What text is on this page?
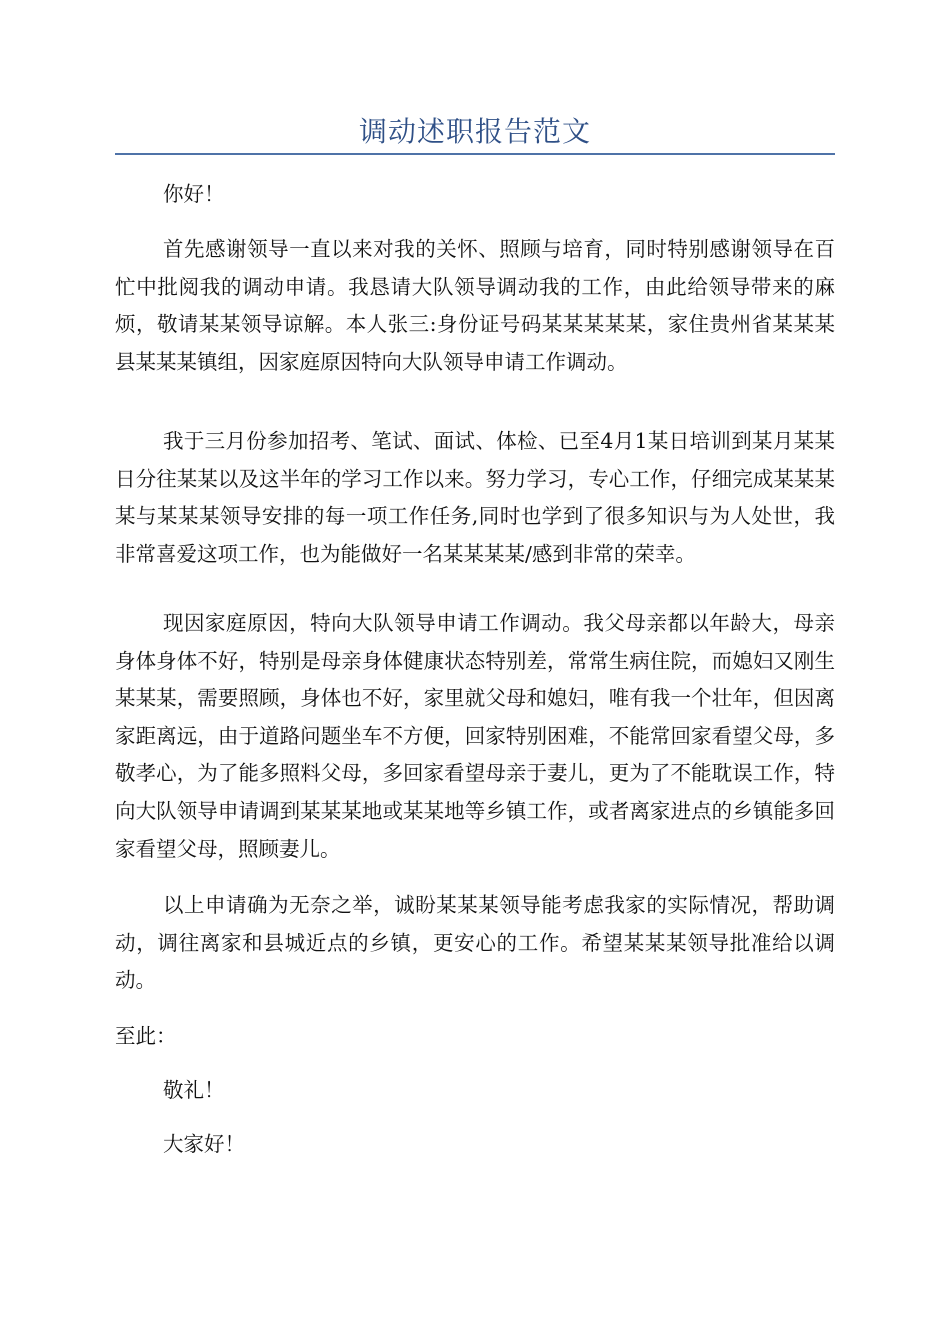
调动述职报告范文
你好！
首先感谢领导一直以来对我的关怀、照顾与培育，同时特别感谢领导在百忙中批阅我的调动申请。我恳请大队领导调动我的工作，由此给领导带来的麻烦，敬请某某领导谅解。本人张三:身份证号码某某某某某，家住贵州省某某某县某某某镇组，因家庭原因特向大队领导申请工作调动。
我于三月份参加招考、笔试、面试、体检、已至4月1某日培训到某月某某日分往某某以及这半年的学习工作以来。努力学习，专心工作，仔细完成某某某某与某某某领导安排的每一项工作任务,同时也学到了很多知识与为人处世，我非常喜爱这项工作，也为能做好一名某某某某/感到非常的荣幸。
现因家庭原因，特向大队领导申请工作调动。我父母亲都以年龄大，母亲身体身体不好，特别是母亲身体健康状态特别差，常常生病住院，而媳妇又刚生某某某，需要照顾，身体也不好，家里就父母和媳妇，唯有我一个壮年，但因离家距离远，由于道路问题坐车不方便，回家特别困难，不能常回家看望父母，多敬孝心，为了能多照料父母，多回家看望母亲于妻儿，更为了不能耽误工作，特向大队领导申请调到某某某地或某某地等乡镇工作，或者离家进点的乡镇能多回家看望父母，照顾妻儿。
以上申请确为无奈之举，诚盼某某某领导能考虑我家的实际情况，帮助调动，调往离家和县城近点的乡镇，更安心的工作。希望某某某领导批准给以调动。
至此：
敬礼！
大家好！
